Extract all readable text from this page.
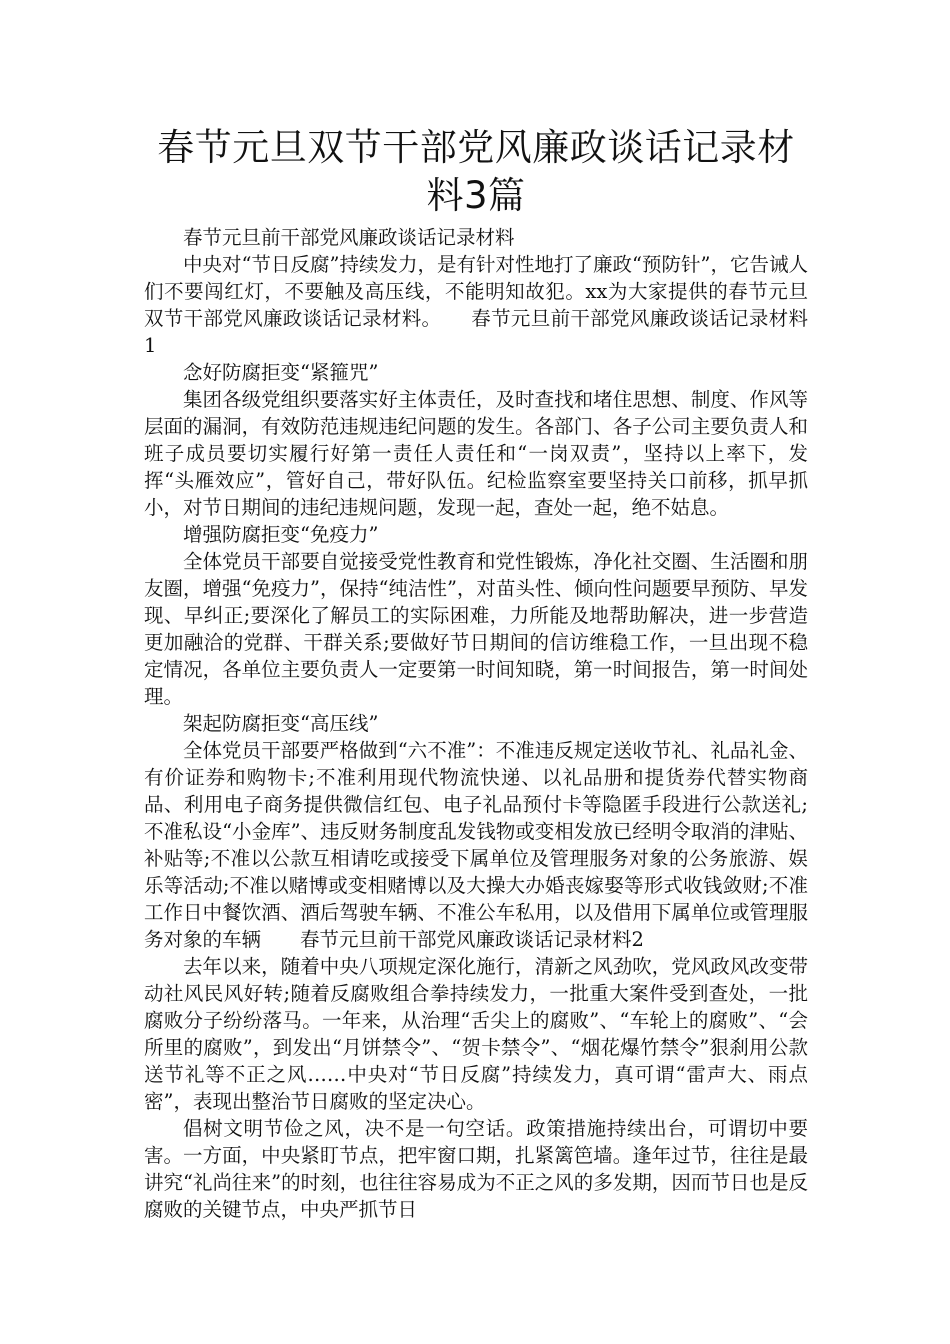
春节元旦双节干部党风廉政谈话记录材料3篇

春节元旦前干部党风廉政谈话记录材料

中央对“节日反腐”持续发力，是有针对性地打了廉政“预防针”，它告诫人们不要闯红灯，不要触及高压线，不能明知故犯。xx为大家提供的春节元旦双节干部党风廉政谈话记录材料。　　春节元旦前干部党风廉政谈话记录材料1

念好防腐拒变“紧箍咒”

集团各级党组织要落实好主体责任，及时查找和堵住思想、制度、作风等层面的漏洞，有效防范违规违纪问题的发生。各部门、各子公司主要负责人和班子成员要切实履行好第一责任人责任和“一岗双责”，坚持以上率下，发挥“头雁效应”，管好自己，带好队伍。纪检监察室要坚持关口前移，抓早抓小，对节日期间的违纪违规问题，发现一起，查处一起，绝不姑息。

增强防腐拒变“免疫力”

全体党员干部要自觉接受党性教育和党性锻炼，净化社交圈、生活圈和朋友圈，增强“免疫力”，保持“纯洁性”，对苗头性、倾向性问题要早预防、早发现、早纠正;要深化了解员工的实际困难，力所能及地帮助解决，进一步营造更加融洽的党群、干群关系;要做好节日期间的信访维稳工作，一旦出现不稳定情况，各单位主要负责人一定要第一时间知晓，第一时间报告，第一时间处理。

架起防腐拒变“高压线”

全体党员干部要严格做到“六不准”：不准违反规定送收节礼、礼品礼金、有价证券和购物卡;不准利用现代物流快递、以礼品册和提货券代替实物商品、利用电子商务提供微信红包、电子礼品预付卡等隐匿手段进行公款送礼;不准私设“小金库”、违反财务制度乱发钱物或变相发放已经明令取消的津贴、补贴等;不准以公款互相请吃或接受下属单位及管理服务对象的公务旅游、娱乐等活动;不准以赌博或变相赌博以及大操大办婚丧嫁娶等形式收钱敛财;不准工作日中餐饮酒、酒后驾驶车辆、不准公车私用，以及借用下属单位或管理服务对象的车辆　　春节元旦前干部党风廉政谈话记录材料2

去年以来，随着中央八项规定深化施行，清新之风劲吹，党风政风改变带动社风民风好转;随着反腐败组合拳持续发力，一批重大案件受到查处，一批腐败分子纷纷落马。一年来，从治理“舌尖上的腐败”、“车轮上的腐败”、“会所里的腐败”，到发出“月饼禁令”、“贺卡禁令”、“烟花爆竹禁令”狠刹用公款送节礼等不正之风……中央对“节日反腐”持续发力，真可谓“雷声大、雨点密”，表现出整治节日腐败的坚定决心。

倡树文明节俭之风，决不是一句空话。政策措施持续出台，可谓切中要害。一方面，中央紧盯节点，把牢窗口期，扎紧篱笆墙。逢年过节，往往是最讲究“礼尚往来”的时刻，也往往容易成为不正之风的多发期，因而节日也是反腐败的关键节点，中央严抓节日
